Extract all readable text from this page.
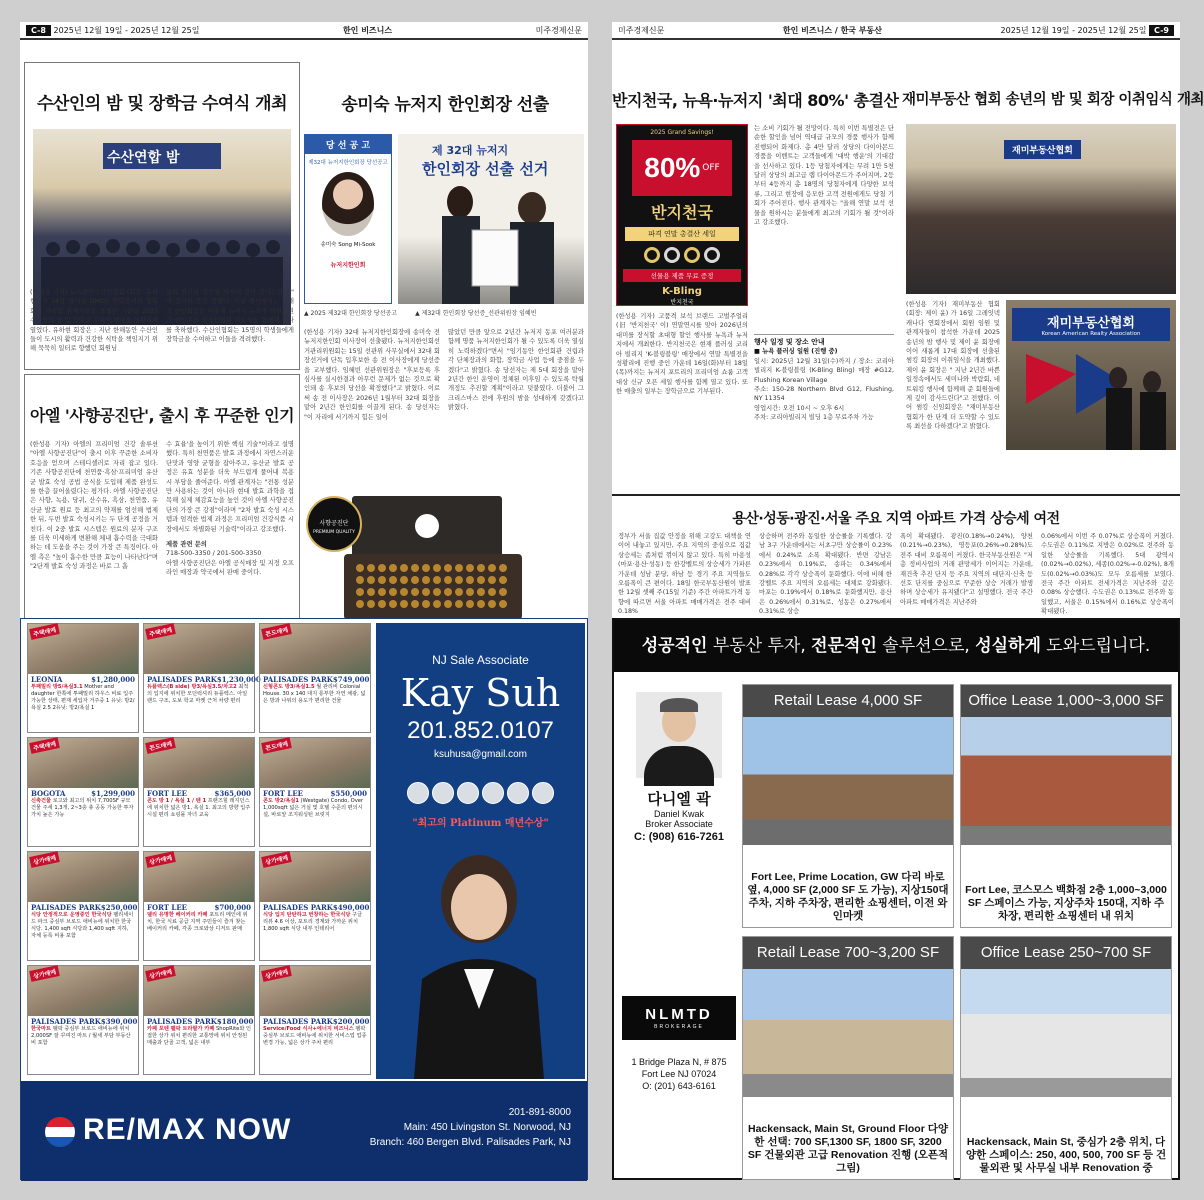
C-8 2025년 12월 19일 - 2025년 12월 25일	한인 비즈니스	미주경제신문
수산인의 밤 및 장학금 수여식 개최
수산연합 밤
(한성용 기자) 뉴욕한인수산인협회 (회장: 유하현) 가 14일 플러싱 DMOS 연회장에서 협회 회원 가족및 관계자들을 초청한 가운데 2025 수산인의 밤 및 장학금 수여식 행사를 성황리에 열었다. 유하현 회장은 : 지난 한해동안 수산인들이 도시의 활력과 건강한 식탁을 책임지기 위해 묵묵히 일터로 향했던 회원님
들의 헌신과 강인한 의지에 깊이 감사드린다." 며 감사의 뜻을 전했다. 이날 행사에서는 이해석 한인회장을 비롯해 뉴저지 뉴욕주 하원의원과 한인주요 상공인협회 지도자들 함께해 행사를 축하했다. 수산인협회는 15명의 학생들에게 장학금을 수여하고 이들을 격려했다.
송미숙 뉴저지 한인회장 선출
당 선 공 고
제32대 뉴저지한인회장 당선공고
송미숙 Song Mi-Sook
뉴저지한인회
제 32대 뉴저지
한인회장 선출 선거
▲ 2025 제32대 한인회장 당선공고	▲ 제32대 한인회장 당선증_선관위원장 임혜빈
(한성용 기자) 32대 뉴저지한인회장에 송미숙 전 뉴저지한인회 이사장이 선출됐다. 뉴저지한인회선거관리위원회는 15일 선관위 사무실에서 32대 회장선거에 단독 입후보한 송 전 이사장에게 당선증을 교부했다. 임혜빈 선관위원장은 "후보등록 후 심사를 실시한결과 아무런 문제가 없는 것으로 확인돼 송 후보의 당선을 확정했다"고 밝혔다. 이로써 송 전 이사장은 2026년 1월부터 32대 회장을 맡아 2년간 한인회를 이끌게 된다. 송 당선자는 "이 자리에 서기까지 힘든 일이
많았던 만큼 앞으로 2년간 뉴저지 동포 여러분과 함께 명품 뉴저지한인회가 될 수 있도록 더욱 열심히 노력하겠다"면서 "임기동안 한인회관 건립과 각 단체장과의 화합, 장학금 사업 등에 중점을 두겠다"고 밝혔다. 송 당선자는 제 5대 회장을 맡아 2년간 한인 운영이 정체된 이후임 수 있도록 탁월 개정도 추진할 계획"이라고 덧붙였다. 더불어 그 크리스마스 전에 후원의 밤을 성대하게 갖겠다고 밝혔다.
아엘 '사향공진단', 출시 후 꾸준한 인기
(한성용 기자) 아엘의 프리미엄 건강 솔루션 "아엘 사향공진단"이 출시 이후 꾸준한 소비자 호응을 얻으며 스테디셀러로 자리 잡고 있다. 기존 사향공진단에 천연품·흑삼·프리미엄 유산균 발효 숙성 공법 공식을 도입해 제품 완성도를 한층 끌어올렸다는 평가다. 아엘 사향공진단은 사향, 녹용, 당귀, 산수유, 흑삼, 천연품, 유산균 발효 원료 등 최고의 약재를 엄선해 법제 한 뒤, 두번 발효 숙성시키는 두 단계 공정을 거친다. 이 2중 발효 시스템은 원료의 분자 구조를 더욱 미세하게 변환해 체내 흡수력을 극대화하는 데 도움을 주는 것이 가장 큰 특징이다. 아엘 측은 "높이 흡수한 만큼 효능이 나타난다"며 "2단계 발효 숙성 과정은 바로 그 흡
수 효율'을 높이기 위한 핵심 기술"이라고 설명했다. 특히 천연품은 발효 과정에서 자연스러운 단맛과 영양 균형을 잡아주고, 유산균 발효 공정은 유효 성분을 더욱 부드럽게 풀어내 복용 시 부담을 줄여준다. 아엘 관계자는 "전통 성분만 사용하는 것이 아니라 현대 발효 과학을 접목해 실제 체감효능을 높인 것이 아엘 사향공진단의 가장 큰 강점"이라며 "2차 발효 숙성 시스템과 엄격한 법제 과정은 프리미엄 건강식품 시장에서도 차별화된 기술력"이라고 강조했다.
제품 관련 문의
718-500-3350 / 201-500-3350
아엘 사향공진단은 아엘 공식매장 및 지정 오프라인 매장과 약국에서 판매 중이다.
사향공진단
PREMIUM QUALITY
주택매매
LEONIA	$1,280,000
투패밀리 방5/욕실3.1 Mother and daughter 한쪽에 투패밀리 하우스 비료 입주 가능한 상태, 편재 세입자 거주중 1 유닛: 방2/욕실 2.5 2유닛: 방2/욕실 1
주택매매
PALISADES PARK $1,230,000
듀플렉스(B side) 방3/욕실3.5/차고2 최적의 입지에 위치한 모던럭셔리 듀플렉스. 아일랜드 구조, 도보 학교 마켓 근처 차량 편리
콘도매매
PALISADES PARK $749,000
신형콘도 방3/욕실1.5 월 관리비 Colonial House. 30 x 140 대지 롱부한 자연 채광, 넓은 방과 나위의 용도가 편리한 건물
주택매매
BOGOTA	$1,299,000
신축건물 로고와 최고의 위치 7,700SF 규모 건물 주세 1,3개, 2~3층 총 공동 가능한 투자가치 높은 가능
콘도매매
FORT LEE	$365,000
콘도 방 1 / 욕실 1 / 텐 1 프랜즈힐 레지던스에 위치한 넓은 방1, 욕실 1. 최고의 방향 입주 시설 편리 쇼핑몰 자녀 교육
콘도매매
FORT LEE	$550,000
콘도 방2/욕실1 (Westgate) Condo, Over 1,000sqft 넓은 거실 및 호텔 수준의 편의시설, 바로앞 조지워싱턴 브릿지
상가매매
PALISADES PARK $250,000
식당 안정적으로 운영중인 한국식당 팰리세이드 파크 중심부 브로드 애비뉴에 위치한 한국식당. 1,400 sqft 식당과 1,400 sqft 지하, 자체 등록 비용 포함
상가매매
FORT LEE	$700,000
델리 유명한 베이커리 카페 포트리 메인에 위치, 한국 식료 공급 지역 주민들이 즐겨 찾는 베이커리 카페, 각종 크로와상 디저트 판매
상가매매
PALISADES PARK $490,000
식당 입지 탄탄하고 번창하는 한국식당 구글 리뷰 4.6 이상, 포트리 경계와 가까운 위치 1,800 sqft 식당 내부 인테리어
상가매매
PALISADES PARK $390,000
한국마트 팰팍 중심부 브로드 애비뉴에 위치 2,000SF 잘 꾸며진 마트 / 월세 부담 부동산 비 포함
상가매매
PALISADES PARK $180,000
카페 포텐 팰팍 트라팔가 카페 ShopRite와 인접한 상가 위치 편리한 교통망에 위치 안정된 매출과 단골 고객, 넓은 내부
상가매매
PALISADES PARK $200,000
Service/Food 식사+에너지 비즈니스 팰팍 중심부 브로드 애비뉴에 위치한 서비스업 업종 변경 가능, 넓은 상가 주차 편리
NJ Sale Associate
Kay Suh
201.852.0107
ksuhusa@gmail.com
"최고의 Platinum 매년수상"
RE/MAX NOW
201-891-8000
Main: 450 Livingston St. Norwood, NJ
Branch: 460 Bergen Blvd. Palisades Park, NJ
미주경제신문	한인 비즈니스 / 한국 부동산	2025년 12월 19일 - 2025년 12월 25일 C-9
반지천국, 뉴욕·뉴저지 '최대 80%' 총결산
2025 Grand Savings!
80% OFF
반지천국
파격 연말 총결산 세일
선물용 제품 무료 증정
K-Bling
반지천국
(한성용 기자) 고품격 보석 브랜드 고벌주얼리(旧 '반지천국' 이) 연말연시를 맞아 2026년의 대미를 장식할 초대형 할인 행사를 뉴욕과 뉴저지에서 개최한다. 반지천국은 현재 플러싱 코리아 빌리지 'K-블링블링' 매장에서 연말 특별전을 성황리에 진행 중인 가운데 16일(화)부터 18일(목)까지는 뉴저지 포트리의 프리미엄 쇼룸 고객 대상 신규 오픈 세일 행사를 함께 열고 있다. 또한 매출의 일부는 장학금으로 기부된다.
는 소비 기회가 될 전망이다. 특히 이번 특별전은 단순한 할인을 넘어 역대급 규모의 경품 행사가 함께 진행되어 화제다. 총 4만 달러 상당의 다이아몬드 경품을 이벤트는 고객들에게 '대박 행운'의 기대감을 선사하고 있다. 1등 당첨자에게는 무려 1만 5천 달러 상당의 최고급 랩 다이아몬드가 주어지며, 2등부터 4등까지 총 18명의 당첨자에게 다양한 보석류, 그리고 현장에 응모한 고객 전원에게도 당첨 기회가 주어진다. 행사 관계자는 "올해 연말 보석 선물을 원하시는 분들에게 최고의 기회가 될 것"이라고 강조했다.
행사 일정 및 장소 안내
■ 뉴욕 플러싱 일원 (진행 중)
일시: 2025년 12월 31일(수)까지 / 장소: 코리아 빌리지 K-블링블링 (K-Bling Bling) 매장 #G12, Flushing Korean Village
주소: 150-28 Northern Blvd G12, Flushing, NY 11354
영업시간: 오전 10시 ~ 오후 6시
주차: 코리아빌리지 빌딩 1층 무료주차 가능
재미부동산 협회 송년의 밤 및 회장 이취임식 개최
재미부동산협회
(한성용 기자) 재미부동산 협회 (회장: 제이 윤) 가 16일 그레잇넥 캐나다 연회장에서 회원 임원 및 관계자들이 참석한 가운데 2025 송년의 밤 행사 및 제이 윤 회장에 이어 새롭게 17대 회장에 선출된 썸킹 회장의 이취임식을 개최했다. 제이 윤 회장은 " 지난 2년간 바쁜 일정속에서도 세미나와 박람회, 네트워킹 행사에 함께해 준 회원들에게 깊이 감사드린다"고 전했다. 이어 썸킹 신임회장은 "재미부동산 협회가 한 단계 더 도약할 수 있도록 최선을 다하겠다"고 밝혔다.
재미부동산협회
Korean American Realty Association
용산·성동·광진·서울 주요 지역 아파트 가격 상승세 여전
정부가 서울 집값 안정을 위해 고강도 대책을 연이어 내놓고 있지만, 주요 지역의 중심으로 집값 상승세는 좀처럼 꺾이지 않고 있다. 특히 마용성(마포·용산·성동) 등 한강벨트의 상승세가 가파른 가운데 성남 분당, 하남 등 경기 주요 지역들도 오름폭이 큰 편이다. 18일 한국부동산원이 발표한 12월 셋째 주(15일 기준) 주간 아파트가격 동향에 따르면 서울 아파트 매매가격은 전주 대비 0.18%
상승하며 전주와 동일한 상승률을 기록했다. 강남 3구 가운데에서는 서초구만 상승률이 0.23%에서 0.24%로 소폭 확대됐다. 반면 강남은 0.23%에서 0.19%로, 송파는 0.34%에서 0.28%로 각각 상승폭이 둔화했다. 이에 비해 한강벨트 주요 지역의 오름세는 대체로 강화됐다. 마포는 0.19%에서 0.18%로 둔화했지만, 용산은 0.26%에서 0.31%로, 성동은 0.27%에서 0.31%로 상승
폭이 확대됐다. 광진(0.18%→0.24%), 양천(0.21%→0.23%), 영등포(0.26%→0.28%)도 전주 대비 오름폭이 커졌다. 한국부동산원은 "저층 정비사업의 거래 관망세가 이어지는 가운데, 재건축 추진 단지 등 주요 지역의 대단지·신축 등 선호 단지를 중심으로 꾸준한 상승 거래가 발생하며 상승세가 유지됐다"고 설명했다. 전국 주간 아파트 매매가격은 지난주와
0.06%에서 이번 주 0.07%로 상승폭이 커졌다. 수도권은 0.11%로 지방은 0.02%로 전주와 동일한 상승률을 기록했다. 5대 광역시(0.02%→0.02%), 세종(0.02%→-0.02%), 8개도(0.02%→0.03%)도 모두 오름세를 보였다. 전국 주간 아파트 전세가격은 지난주와 같은 0.08% 상승했다. 수도권은 0.13%로 전주와 동일했고, 서울은 0.15%에서 0.16%로 상승폭이 확대됐다.
성공적인 부동산 투자, 전문적인 솔루션으로, 성실하게 도와드립니다.
다니엘 곽
Daniel Kwak
Broker Associate
C: (908) 616-7261
Retail Lease 4,000 SF
Fort Lee, Prime Location, GW 다리 바로옆, 4,000 SF (2,000 SF 도 가능), 지상150대 주차, 지하 주차장, 편리한 쇼핑센터, 이전 와인마켓
Office Lease 1,000~3,000 SF
Fort Lee, 코스모스 백화점 2층 1,000~3,000 SF 스페이스 가능, 지상주차 150대, 지하 주차장, 편리한 쇼핑센터 내 위치
Retail Lease 700~3,200 SF
Hackensack, Main St, Ground Floor 다양한 선택: 700 SF,1300 SF, 1800 SF, 3200 SF 건물외관 고급 Renovation 진행 (오픈적 그림)
Office Lease 250~700 SF
Hackensack, Main St, 중심가 2층 위치, 다양한 스페이스: 250, 400, 500, 700 SF 등 건물외관 및 사무실 내부 Renovation 중
NLMTD
BROKERAGE
1 Bridge Plaza N, # 875
Fort Lee NJ 07024
O: (201) 643-6161
